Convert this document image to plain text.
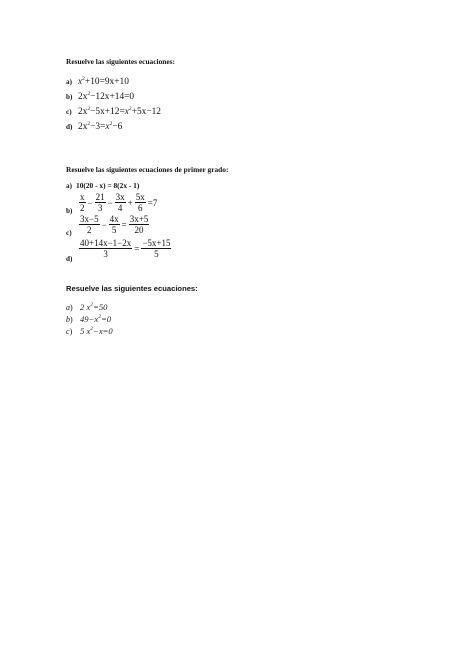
Resuelve las siguientes ecuaciones:
a) $x^2+10=9x+10$
b) $2x^2-12x+14=0$
c) $2x^2-5x+12=x^2+5x-12$
d) $2x^2-3=x^2-6$
Resuelve las siguientes ecuaciones de primer grado:
a) 10(20 - x) = 8(2x - 1)
$b) \frac{x}{2} - \frac{21}{3} - \frac{3x}{4} + \frac{5x}{6} =7$
$c) \frac{3x-5}{2} - \frac{4x}{5} = \frac{3x+5}{20}$
$d) \frac{40+14x-1-2x}{3} = \frac{-5x+15}{5}$
Resuelve las siguientes ecuaciones:
a) 2 $x^2=50$
b) $49-x^2=0$
c) 5 $x^2-x=0$
